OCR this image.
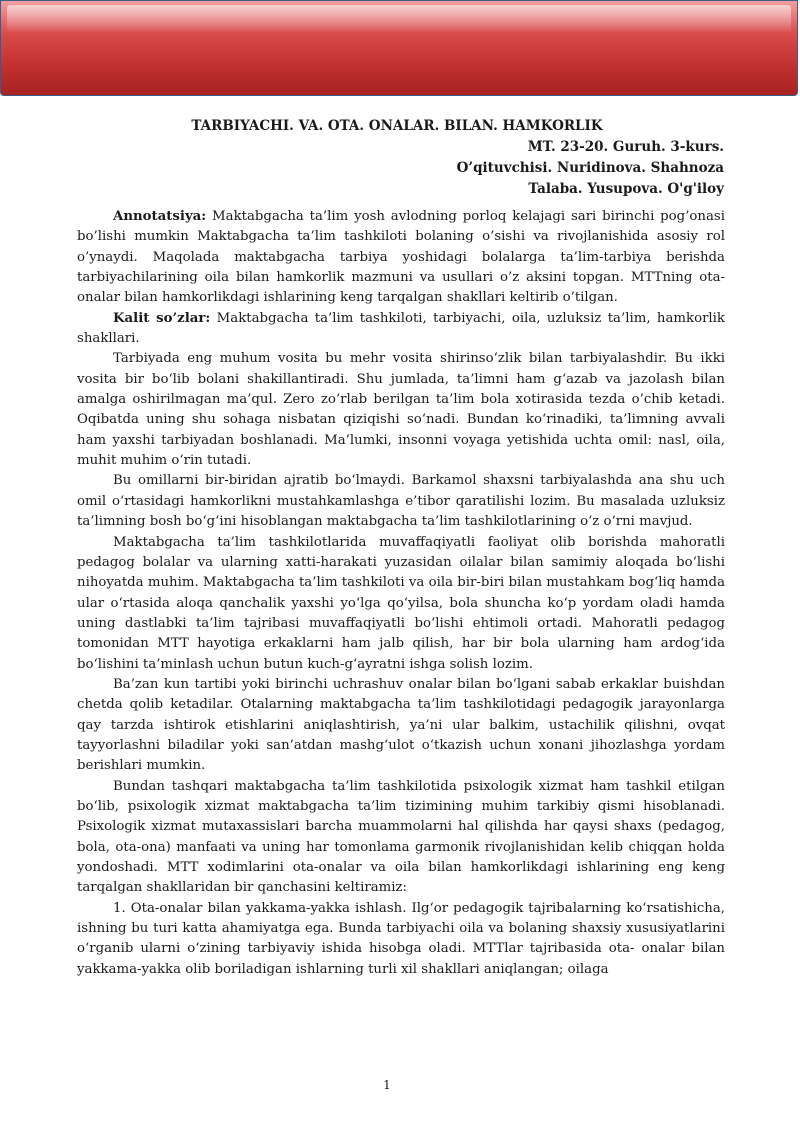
TARBIYACHI. VA. OTA. ONALAR. BILAN. HAMKORLIK
MT. 23-20. Guruh. 3-kurs.
O’qituvchisi. Nuridinova. Shahnoza
Talaba. Yusupova. O'g'iloy

Annotatsiya: Maktabgacha ta’lim yosh avlodning porloq kelajagi sari birinchi pog’onasi bo’lishi mumkin Maktabgacha ta’lim tashkiloti bolaning o’sishi va rivojlanishida asosiy rol o’ynaydi. Maqolada maktabgacha tarbiya yoshidagi bolalarga ta’lim-tarbiya berishda tarbiyachilarining oila bilan hamkorlik mazmuni va usullari o’z aksini topgan. MTTning ota-onalar bilan hamkorlikdagi ishlarining keng tarqalgan shakllari keltirib o’tilgan.

Kalit so’zlar: Maktabgacha ta’lim tashkiloti, tarbiyachi, oila, uzluksiz ta’lim, hamkorlik shakllari.

Tarbiyada eng muhum vosita bu mehr vosita shirinso‘zlik bilan tarbiyalashdir. Bu ikki vosita bir bo‘lib bolani shakillantiradi. Shu jumlada, ta’limni ham g‘azab va jazolash bilan amalga oshirilmagan ma’qul. Zero zo‘rlab berilgan ta’lim bola xotirasida tezda o’chib ketadi. Oqibatda uning shu sohaga nisbatan qiziqishi so‘nadi. Bundan ko‘rinadiki, ta’limning avvali ham yaxshi tarbiyadan boshlanadi. Ma’lumki, insonni voyaga yetishida uchta omil: nasl, oila, muhit muhim o‘rin tutadi.

Bu omillarni bir-biridan ajratib bo‘lmaydi. Barkamol shaxsni tarbiyalashda ana shu uch omil o‘rtasidagi hamkorlikni mustahkamlashga e’tibor qaratilishi lozim. Bu masalada uzluksiz ta’limning bosh bo‘g‘ini hisoblangan maktabgacha ta’lim tashkilotlarining o‘z o‘rni mavjud.

Maktabgacha ta’lim tashkilotlarida muvaffaqiyatli faoliyat olib borishda mahoratli pedagog bolalar va ularning xatti-harakati yuzasidan oilalar bilan samimiy aloqada bo‘lishi nihoyatda muhim. Maktabgacha ta’lim tashkiloti va oila bir-biri bilan mustahkam bog‘liq hamda ular o‘rtasida aloqa qanchalik yaxshi yo‘lga qo‘yilsa, bola shuncha ko‘p yordam oladi hamda uning dastlabki ta’lim tajribasi muvaffaqiyatli bo‘lishi ehtimoli ortadi. Mahoratli pedagog tomonidan MTT hayotiga erkaklarni ham jalb qilish, har bir bola ularning ham ardog‘ida bo‘lishini ta’minlash uchun butun kuch-g‘ayratni ishga solish lozim.

Ba’zan kun tartibi yoki birinchi uchrashuv onalar bilan bo‘lgani sabab erkaklar buishdan chetda qolib ketadilar. Otalarning maktabgacha ta’lim tashkilotidagi pedagogik jarayonlarga qay tarzda ishtirok etishlarini aniqlashtirish, ya’ni ular balkim, ustachilik qilishni, ovqat tayyorlashni biladilar yoki san’atdan mashg‘ulot o‘tkazish uchun xonani jihozlashga yordam berishlari mumkin.

Bundan tashqari maktabgacha ta’lim tashkilotida psixologik xizmat ham tashkil etilgan bo‘lib, psixologik xizmat maktabgacha ta’lim tizimining muhim tarkibiy qismi hisoblanadi. Psixologik xizmat mutaxassislari barcha muammolarni hal qilishda har qaysi shaxs (pedagog, bola, ota-ona) manfaati va uning har tomonlama garmonik rivojlanishidan kelib chiqqan holda yondoshadi. MTT xodimlarini ota-onalar va oila bilan hamkorlikdagi ishlarining eng keng tarqalgan shakllaridan bir qanchasini keltiramiz:

1. Ota-onalar bilan yakkama-yakka ishlash. Ilg‘or pedagogik tajribalarning ko‘rsatishicha, ishning bu turi katta ahamiyatga ega. Bunda tarbiyachi oila va bolaning shaxsiy xususiyatlarini o‘rganib ularni o‘zining tarbiyaviy ishida hisobga oladi. MTTlar tajribasida ota- onalar bilan yakkama-yakka olib boriladigan ishlarning turli xil shakllari aniqlangan; oilaga

1
